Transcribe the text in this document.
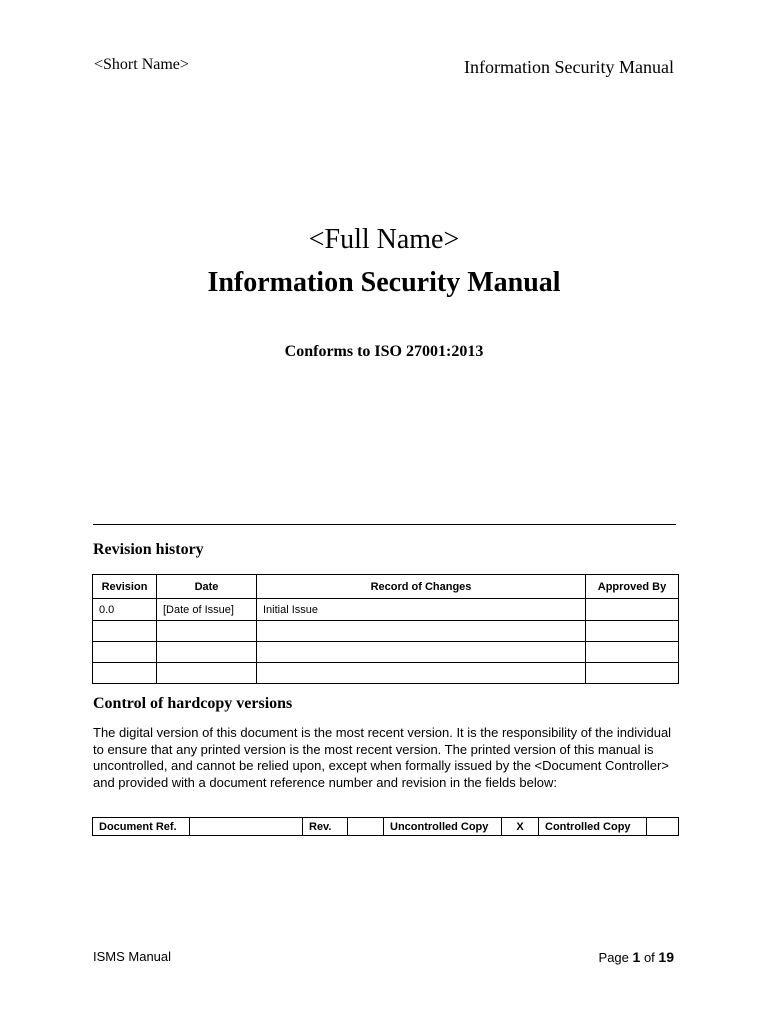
<Short Name>	Information Security Manual
<Full Name>
Information Security Manual
Conforms to ISO 27001:2013
Revision history
Revision	Date	Record of Changes	Approved By
0.0	[Date of Issue]	Initial Issue	

Control of hardcopy versions
The digital version of this document is the most recent version. It is the responsibility of the individual to ensure that any printed version is the most recent version. The printed version of this manual is uncontrolled, and cannot be relied upon, except when formally issued by the <Document Controller> and provided with a document reference number and revision in the fields below:
Document Ref.		Rev.		Uncontrolled Copy	X	Controlled Copy	
ISMS Manual	Page 1 of 19
